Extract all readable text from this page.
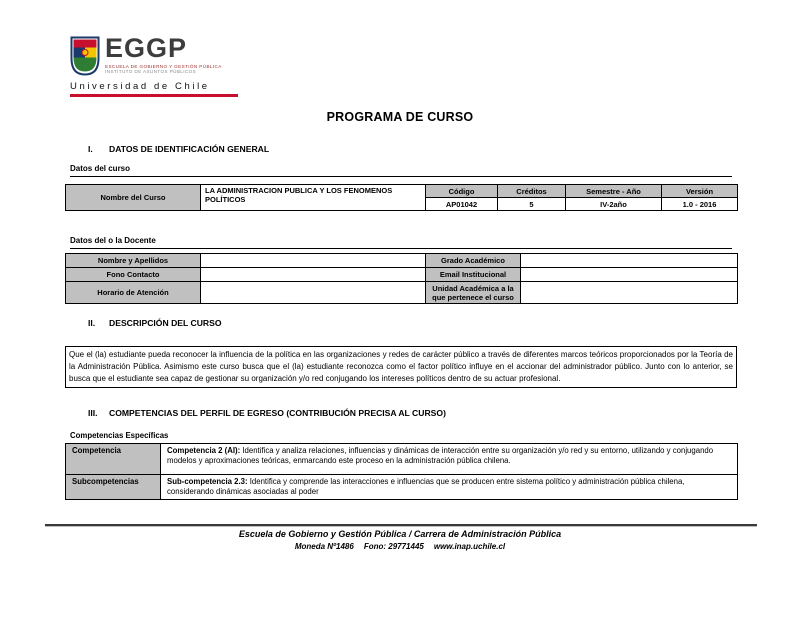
EGGP
ESCUELA DE GOBIERNO Y GESTIÓN PÚBLICA
INSTITUTO DE ASUNTOS PÚBLICOS
Universidad de Chile
PROGRAMA DE CURSO
I. DATOS DE IDENTIFICACIÓN GENERAL
Datos del curso
Nombre del Curso	LA ADMINISTRACION PUBLICA Y LOS FENOMENOS POLÍTICOS	Código	Créditos	Semestre - Año	Versión
		AP01042	5	IV-2año	1.0 - 2016
Datos del o la Docente
Nombre y Apellidos		Grado Académico	
Fono Contacto		Email Institucional	
Horario de Atención		Unidad Académica a la que pertenece el curso	
II. DESCRIPCIÓN DEL CURSO
Que el (la) estudiante pueda reconocer la influencia de la política en las organizaciones y redes de carácter público a través de diferentes marcos teóricos proporcionados por la Teoría de la Administración Pública. Asimismo este curso busca que el (la) estudiante reconozca como el factor político influye en el accionar del administrador público. Junto con lo anterior, se busca que el estudiante sea capaz de gestionar su organización y/o red conjugando los intereses políticos dentro de su actuar profesional.
III. COMPETENCIAS DEL PERFIL DE EGRESO (CONTRIBUCIÓN PRECISA AL CURSO)
Competencias Específicas
Competencia	Competencia 2 (AI): Identifica y analiza relaciones, influencias y dinámicas de interacción entre su organización y/o red y su entorno, utilizando y conjugando modelos y aproximaciones teóricas, enmarcando este proceso en la administración pública chilena.
Subcompetencias	Sub-competencia 2.3: Identifica y comprende las interacciones e influencias que se producen entre sistema político y administración pública chilena, considerando dinámicas asociadas al poder
Escuela de Gobierno y Gestión Pública / Carrera de Administración Pública
Moneda Nº1486 Fono: 29771445 www.inap.uchile.cl
